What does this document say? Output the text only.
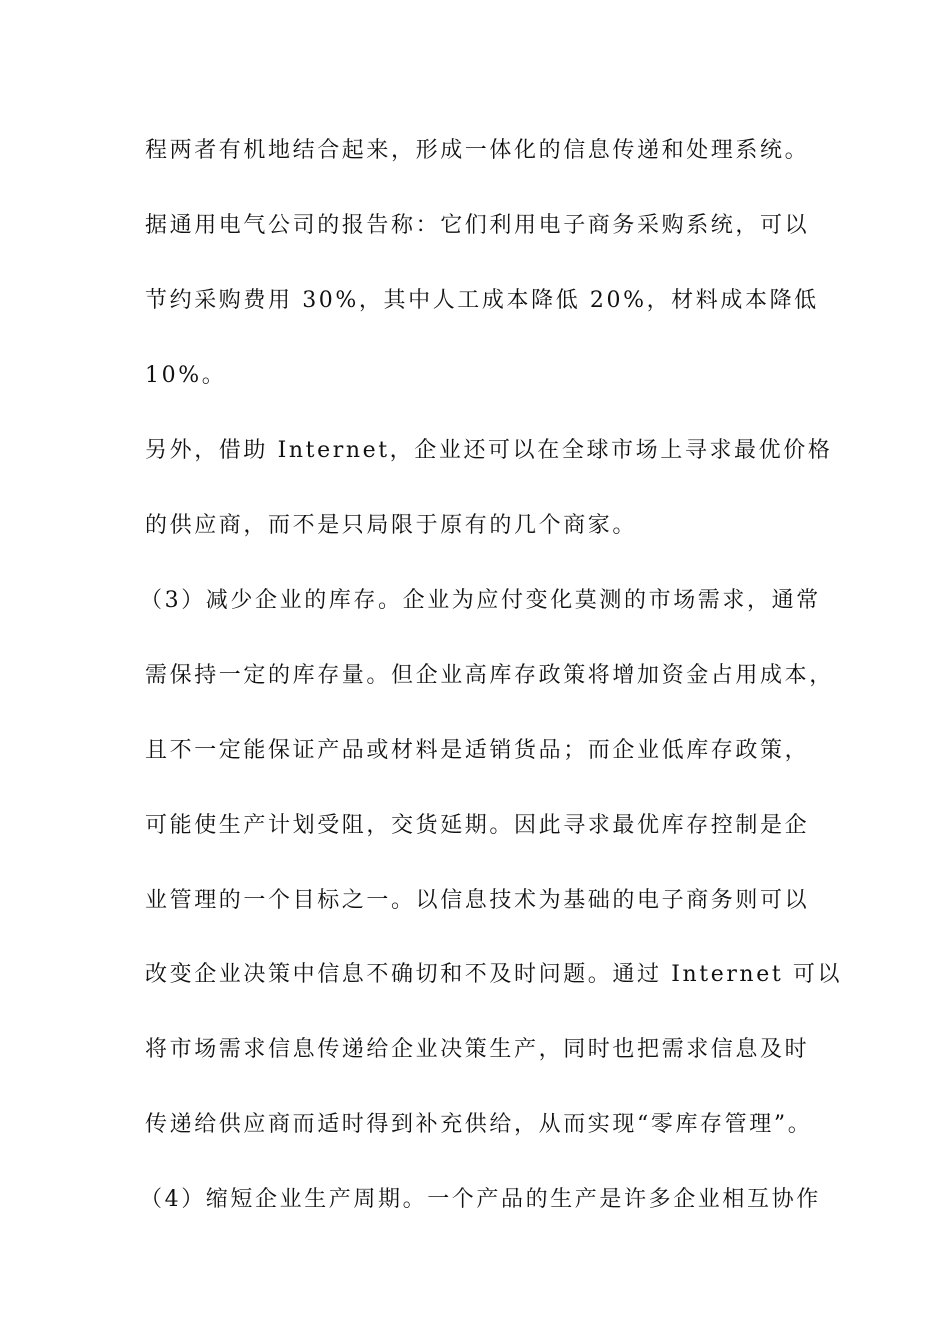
程两者有机地结合起来，形成一体化的信息传递和处理系统。
据通用电气公司的报告称：它们利用电子商务采购系统，可以
节约采购费用 30%，其中人工成本降低 20%，材料成本降低
10%。
另外，借助 Internet，企业还可以在全球市场上寻求最优价格
的供应商，而不是只局限于原有的几个商家。
（3）减少企业的库存。企业为应付变化莫测的市场需求，通常
需保持一定的库存量。但企业高库存政策将增加资金占用成本，
且不一定能保证产品或材料是适销货品；而企业低库存政策，
可能使生产计划受阻，交货延期。因此寻求最优库存控制是企
业管理的一个目标之一。以信息技术为基础的电子商务则可以
改变企业决策中信息不确切和不及时问题。通过 Internet 可以
将市场需求信息传递给企业决策生产，同时也把需求信息及时
传递给供应商而适时得到补充供给，从而实现“零库存管理”。
（4）缩短企业生产周期。一个产品的生产是许多企业相互协作
